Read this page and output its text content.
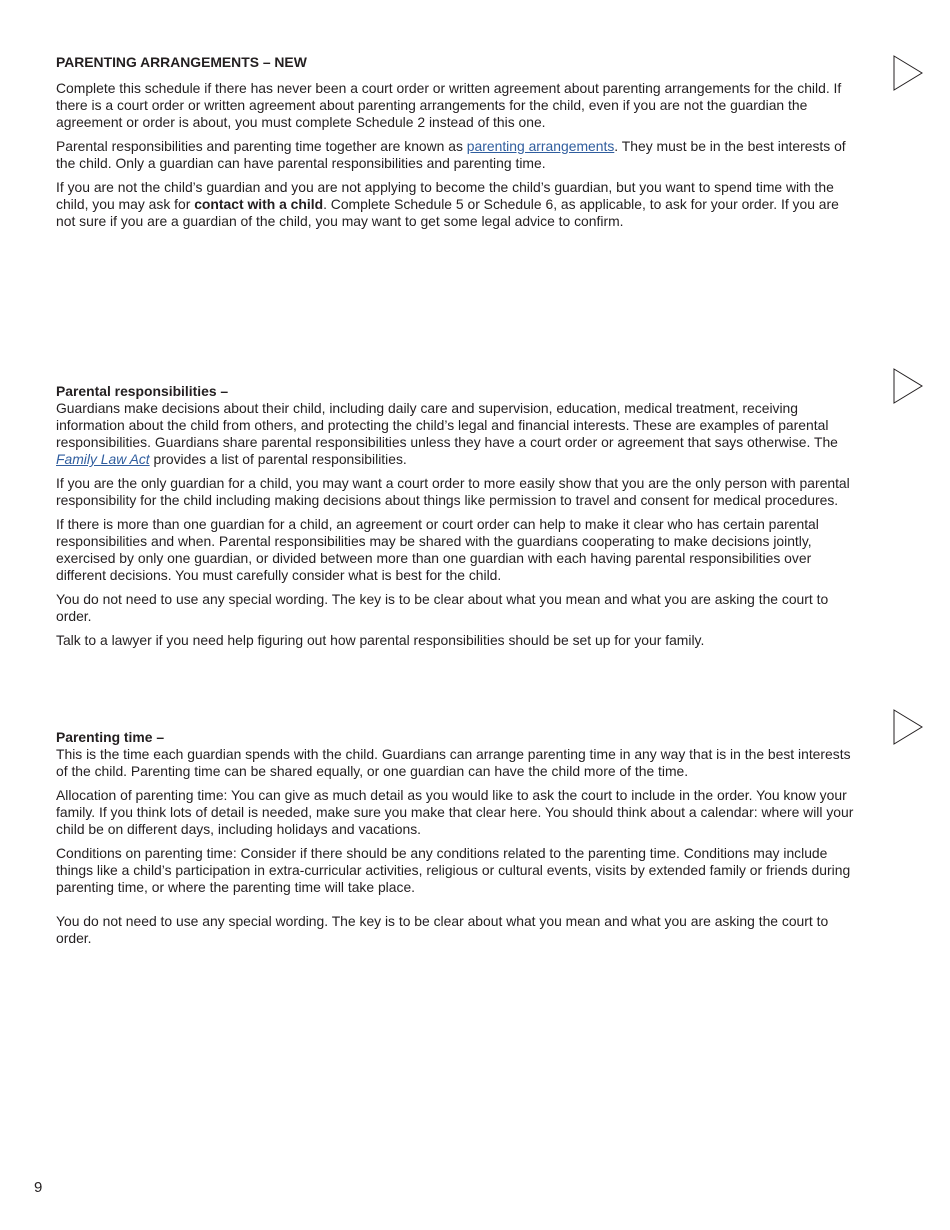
PARENTING ARRANGEMENTS – NEW

Complete this schedule if there has never been a court order or written agreement about parenting arrangements for the child. If there is a court order or written agreement about parenting arrangements for the child, even if you are not the guardian the agreement or order is about, you must complete Schedule 2 instead of this one.

Parental responsibilities and parenting time together are known as parenting arrangements. They must be in the best interests of the child. Only a guardian can have parental responsibilities and parenting time.

If you are not the child’s guardian and you are not applying to become the child’s guardian, but you want to spend time with the child, you may ask for contact with a child. Complete Schedule 5 or Schedule 6, as applicable, to ask for your order. If you are not sure if you are a guardian of the child, you may want to get some legal advice to confirm.

Parental responsibilities –

Guardians make decisions about their child, including daily care and supervision, education, medical treatment, receiving information about the child from others, and protecting the child’s legal and financial interests. These are examples of parental responsibilities. Guardians share parental responsibilities unless they have a court order or agreement that says otherwise. The Family Law Act provides a list of parental responsibilities.

If you are the only guardian for a child, you may want a court order to more easily show that you are the only person with parental responsibility for the child including making decisions about things like permission to travel and consent for medical procedures.

If there is more than one guardian for a child, an agreement or court order can help to make it clear who has certain parental responsibilities and when. Parental responsibilities may be shared with the guardians cooperating to make decisions jointly, exercised by only one guardian, or divided between more than one guardian with each having parental responsibilities over different decisions. You must carefully consider what is best for the child.

You do not need to use any special wording. The key is to be clear about what you mean and what you are asking the court to order.

Talk to a lawyer if you need help figuring out how parental responsibilities should be set up for your family.

Parenting time –

This is the time each guardian spends with the child. Guardians can arrange parenting time in any way that is in the best interests of the child. Parenting time can be shared equally, or one guardian can have the child more of the time.

Allocation of parenting time: You can give as much detail as you would like to ask the court to include in the order. You know your family. If you think lots of detail is needed, make sure you make that clear here. You should think about a calendar: where will your child be on different days, including holidays and vacations.

Conditions on parenting time: Consider if there should be any conditions related to the parenting time. Conditions may include things like a child’s participation in extra-curricular activities, religious or cultural events, visits by extended family or friends during parenting time, or where the parenting time will take place.

You do not need to use any special wording. The key is to be clear about what you mean and what you are asking the court to order.

9
